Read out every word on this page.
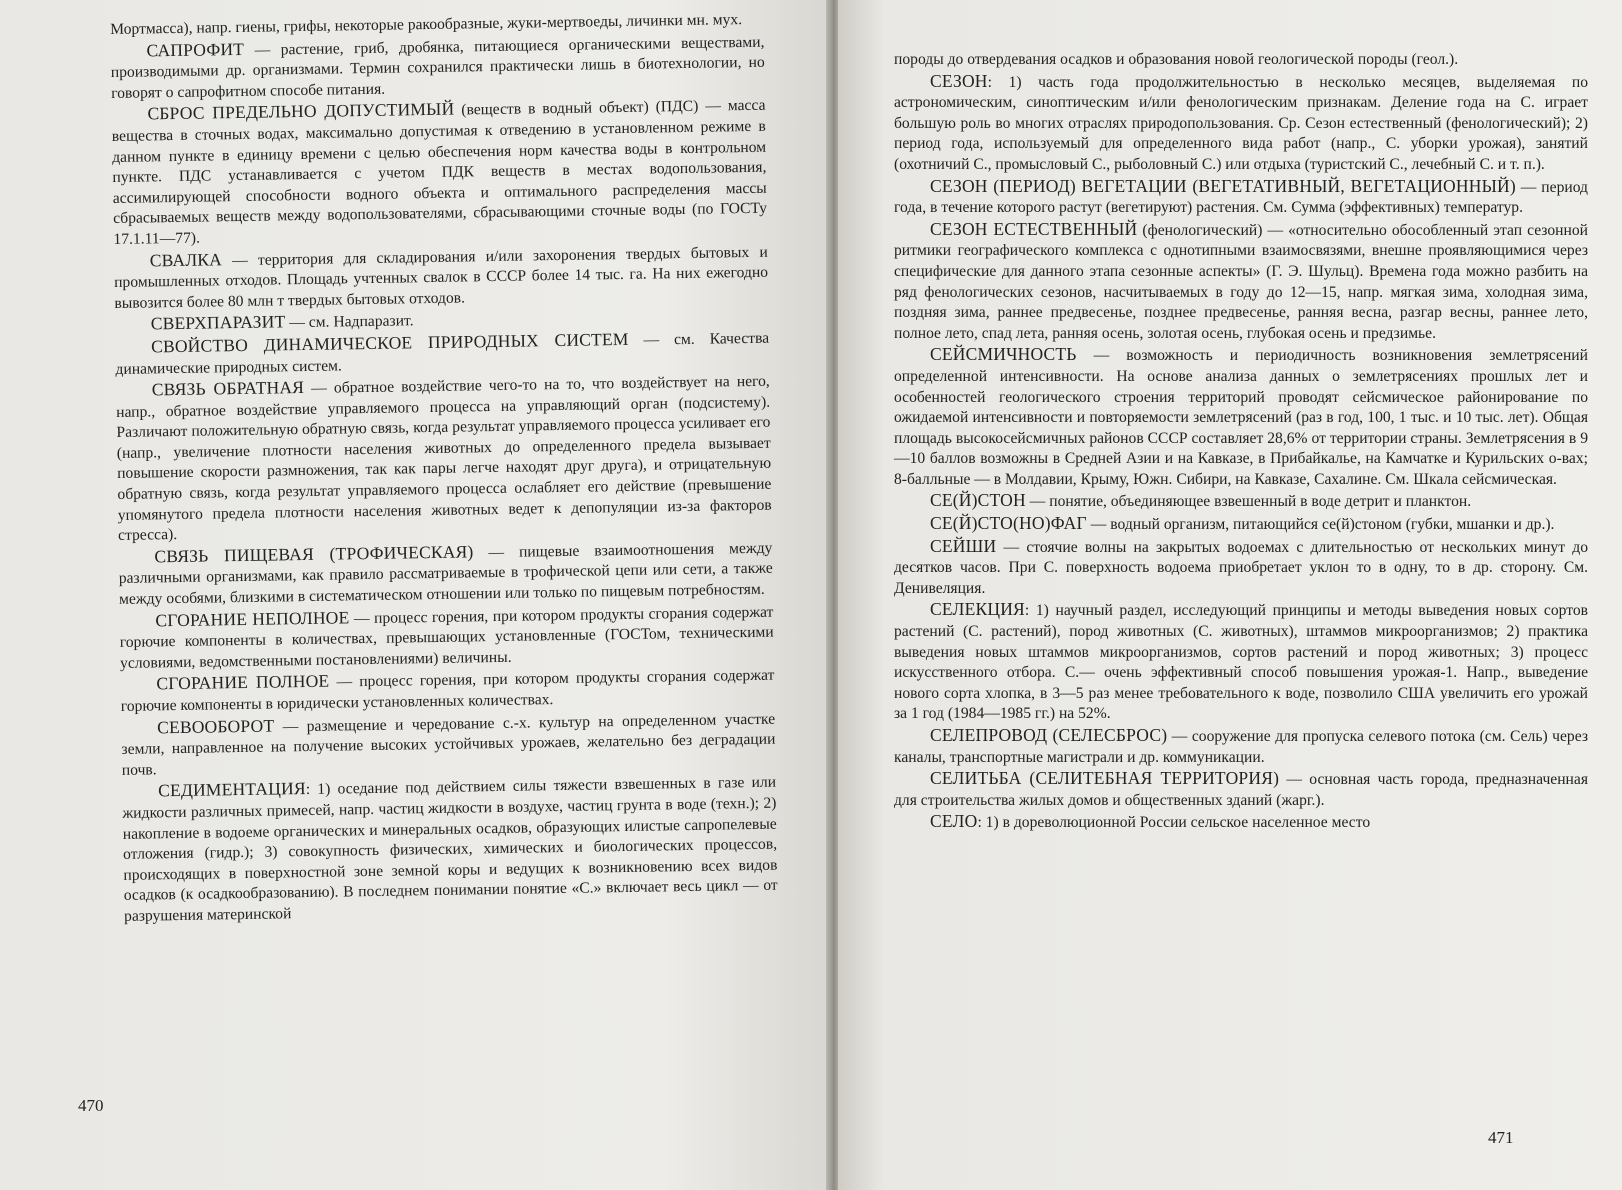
Мортмасса), напр. гиены, грифы, некоторые ракообразные, жуки-мертвоеды, личинки мн. мух.

САПРОФИТ — растение, гриб, дробянка, питающиеся органическими веществами, производимыми др. организмами. Термин сохранился практически лишь в биотехнологии, но говорят о сапрофитном способе питания.

СБРОС ПРЕДЕЛЬНО ДОПУСТИМЫЙ (веществ в водный объект) (ПДС) — масса вещества в сточных водах, максимально допустимая к отведению в установленном режиме в данном пункте в единицу времени с целью обеспечения норм качества воды в контрольном пункте. ПДС устанавливается с учетом ПДК веществ в местах водопользования, ассимилирующей способности водного объекта и оптимального распределения массы сбрасываемых веществ между водопользователями, сбрасывающими сточные воды (по ГОСТу 17.1.11—77).

СВАЛКА — территория для складирования и/или захоронения твердых бытовых и промышленных отходов. Площадь учтенных свалок в СССР более 14 тыс. га. На них ежегодно вывозится более 80 млн т твердых бытовых отходов.

СВЕРХПАРАЗИТ — см. Надпаразит.

СВОЙСТВО ДИНАМИЧЕСКОЕ ПРИРОДНЫХ СИСТЕМ — см. Качества динамические природных систем.

СВЯЗЬ ОБРАТНАЯ — обратное воздействие чего-то на то, что воздействует на него, напр., обратное воздействие управляемого процесса на управляющий орган (подсистему). Различают положительную обратную связь, когда результат управляемого процесса усиливает его (напр., увеличение плотности населения животных до определенного предела вызывает повышение скорости размножения, так как пары легче находят друг друга), и отрицательную обратную связь, когда результат управляемого процесса ослабляет его действие (превышение упомянутого предела плотности населения животных ведет к депопуляции из-за факторов стресса).

СВЯЗЬ ПИЩЕВАЯ (ТРОФИЧЕСКАЯ) — пищевые взаимоотношения между различными организмами, как правило рассматриваемые в трофической цепи или сети, а также между особями, близкими в систематическом отношении или только по пищевым потребностям.

СГОРАНИЕ НЕПОЛНОЕ — процесс горения, при котором продукты сгорания содержат горючие компоненты в количествах, превышающих установленные (ГОСТом, техническими условиями, ведомственными постановлениями) величины.

СГОРАНИЕ ПОЛНОЕ — процесс горения, при котором продукты сгорания содержат горючие компоненты в юридически установленных количествах.

СЕВООБОРОТ — размещение и чередование с.-х. культур на определенном участке земли, направленное на получение высоких устойчивых урожаев, желательно без деградации почв.

СЕДИМЕНТАЦИЯ: 1) оседание под действием силы тяжести взвешенных в газе или жидкости различных примесей, напр. частиц жидкости в воздухе, частиц грунта в воде (техн.); 2) накопление в водоеме органических и минеральных осадков, образующих илистые сапропелевые отложения (гидр.); 3) совокупность физических, химических и биологических процессов, происходящих в поверхностной зоне земной коры и ведущих к возникновению всех видов осадков (к осадкообразованию). В последнем понимании понятие «С.» включает весь цикл — от разрушения материнской

470

породы до отвердевания осадков и образования новой геологической породы (геол.).

СЕЗОН: 1) часть года продолжительностью в несколько месяцев, выделяемая по астрономическим, синоптическим и/или фенологическим признакам. Деление года на С. играет большую роль во многих отраслях природопользования. Ср. Сезон естественный (фенологический); 2) период года, используемый для определенного вида работ (напр., С. уборки урожая), занятий (охотничий С., промысловый С., рыболовный С.) или отдыха (туристский С., лечебный С. и т. п.).

СЕЗОН (ПЕРИОД) ВЕГЕТАЦИИ (ВЕГЕТАТИВНЫЙ, ВЕГЕТАЦИОННЫЙ) — период года, в течение которого растут (вегетируют) растения. См. Сумма (эффективных) температур.

СЕЗОН ЕСТЕСТВЕННЫЙ (фенологический) — «относительно обособленный этап сезонной ритмики географического комплекса с однотипными взаимосвязями, внешне проявляющимися через специфические для данного этапа сезонные аспекты» (Г. Э. Шульц). Времена года можно разбить на ряд фенологических сезонов, насчитываемых в году до 12—15, напр. мягкая зима, холодная зима, поздняя зима, раннее предвесенье, позднее предвесенье, ранняя весна, разгар весны, раннее лето, полное лето, спад лета, ранняя осень, золотая осень, глубокая осень и предзимье.

СЕЙСМИЧНОСТЬ — возможность и периодичность возникновения землетрясений определенной интенсивности. На основе анализа данных о землетрясениях прошлых лет и особенностей геологического строения территорий проводят сейсмическое районирование по ожидаемой интенсивности и повторяемости землетрясений (раз в год, 100, 1 тыс. и 10 тыс. лет). Общая площадь высокосейсмичных районов СССР составляет 28,6% от территории страны. Землетрясения в 9—10 баллов возможны в Средней Азии и на Кавказе, в Прибайкалье, на Камчатке и Курильских о-вах; 8-балльные — в Молдавии, Крыму, Южн. Сибири, на Кавказе, Сахалине. См. Шкала сейсмическая.

СЕ(Й)СТОН — понятие, объединяющее взвешенный в воде детрит и планктон.

СЕ(Й)СТО(НО)ФАГ — водный организм, питающийся се(й)стоном (губки, мшанки и др.).

СЕЙШИ — стоячие волны на закрытых водоемах с длительностью от нескольких минут до десятков часов. При С. поверхность водоема приобретает уклон то в одну, то в др. сторону. См. Денивеляция.

СЕЛЕКЦИЯ: 1) научный раздел, исследующий принципы и методы выведения новых сортов растений (С. растений), пород животных (С. животных), штаммов микроорганизмов; 2) практика выведения новых штаммов микроорганизмов, сортов растений и пород животных; 3) процесс искусственного отбора. С.— очень эффективный способ повышения урожая-1. Напр., выведение нового сорта хлопка, в 3—5 раз менее требовательного к воде, позволило США увеличить его урожай за 1 год (1984—1985 гг.) на 52%.

СЕЛЕПРОВОД (СЕЛЕСБРОС) — сооружение для пропуска селевого потока (см. Сель) через каналы, транспортные магистрали и др. коммуникации.

СЕЛИТЬБА (СЕЛИТЕБНАЯ ТЕРРИТОРИЯ) — основная часть города, предназначенная для строительства жилых домов и общественных зданий (жарг.).

СЕЛО: 1) в дореволюционной России сельское населенное место

471
